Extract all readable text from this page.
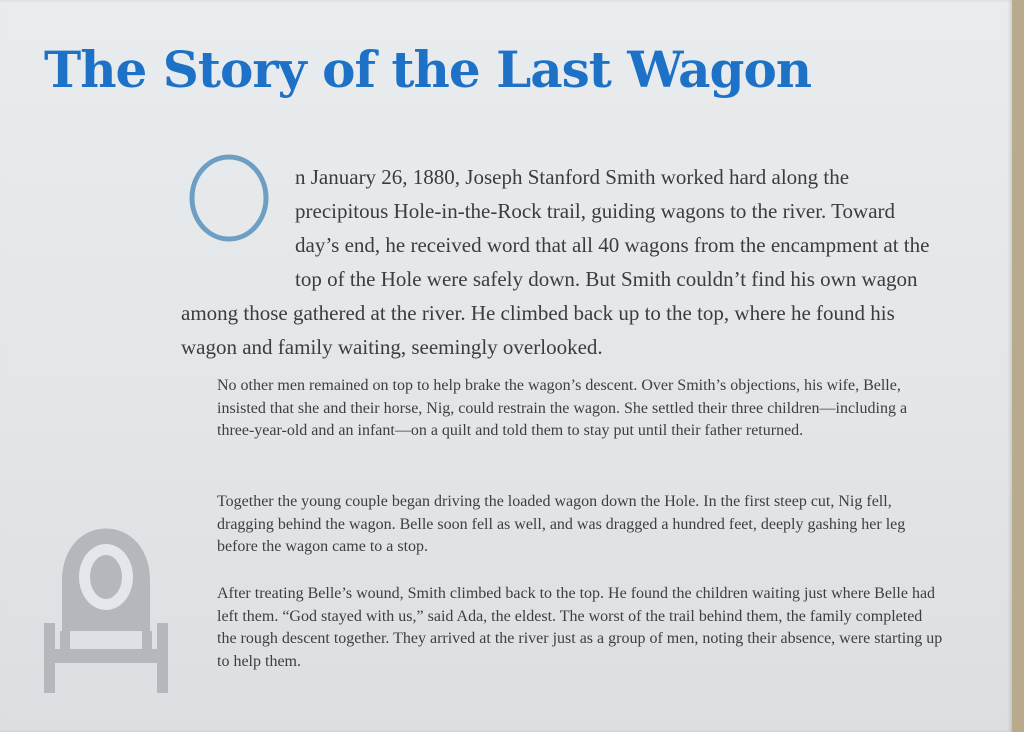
The Story of the Last Wagon

n January 26, 1880, Joseph Stanford Smith worked hard along the precipitous Hole-in-the-Rock trail, guiding wagons to the river. Toward day’s end, he received word that all 40 wagons from the encampment at the top of the Hole were safely down. But Smith couldn’t find his own wagon among those gathered at the river. He climbed back up to the top, where he found his wagon and family waiting, seemingly overlooked.

No other men remained on top to help brake the wagon’s descent. Over Smith’s objections, his wife, Belle, insisted that she and their horse, Nig, could restrain the wagon. She settled their three children—including a three-year-old and an infant—on a quilt and told them to stay put until their father returned.

Together the young couple began driving the loaded wagon down the Hole. In the first steep cut, Nig fell, dragging behind the wagon. Belle soon fell as well, and was dragged a hundred feet, deeply gashing her leg before the wagon came to a stop.

After treating Belle’s wound, Smith climbed back to the top. He found the children waiting just where Belle had left them. “God stayed with us,” said Ada, the eldest. The worst of the trail behind them, the family completed the rough descent together. They arrived at the river just as a group of men, noting their absence, were starting up to help them.
